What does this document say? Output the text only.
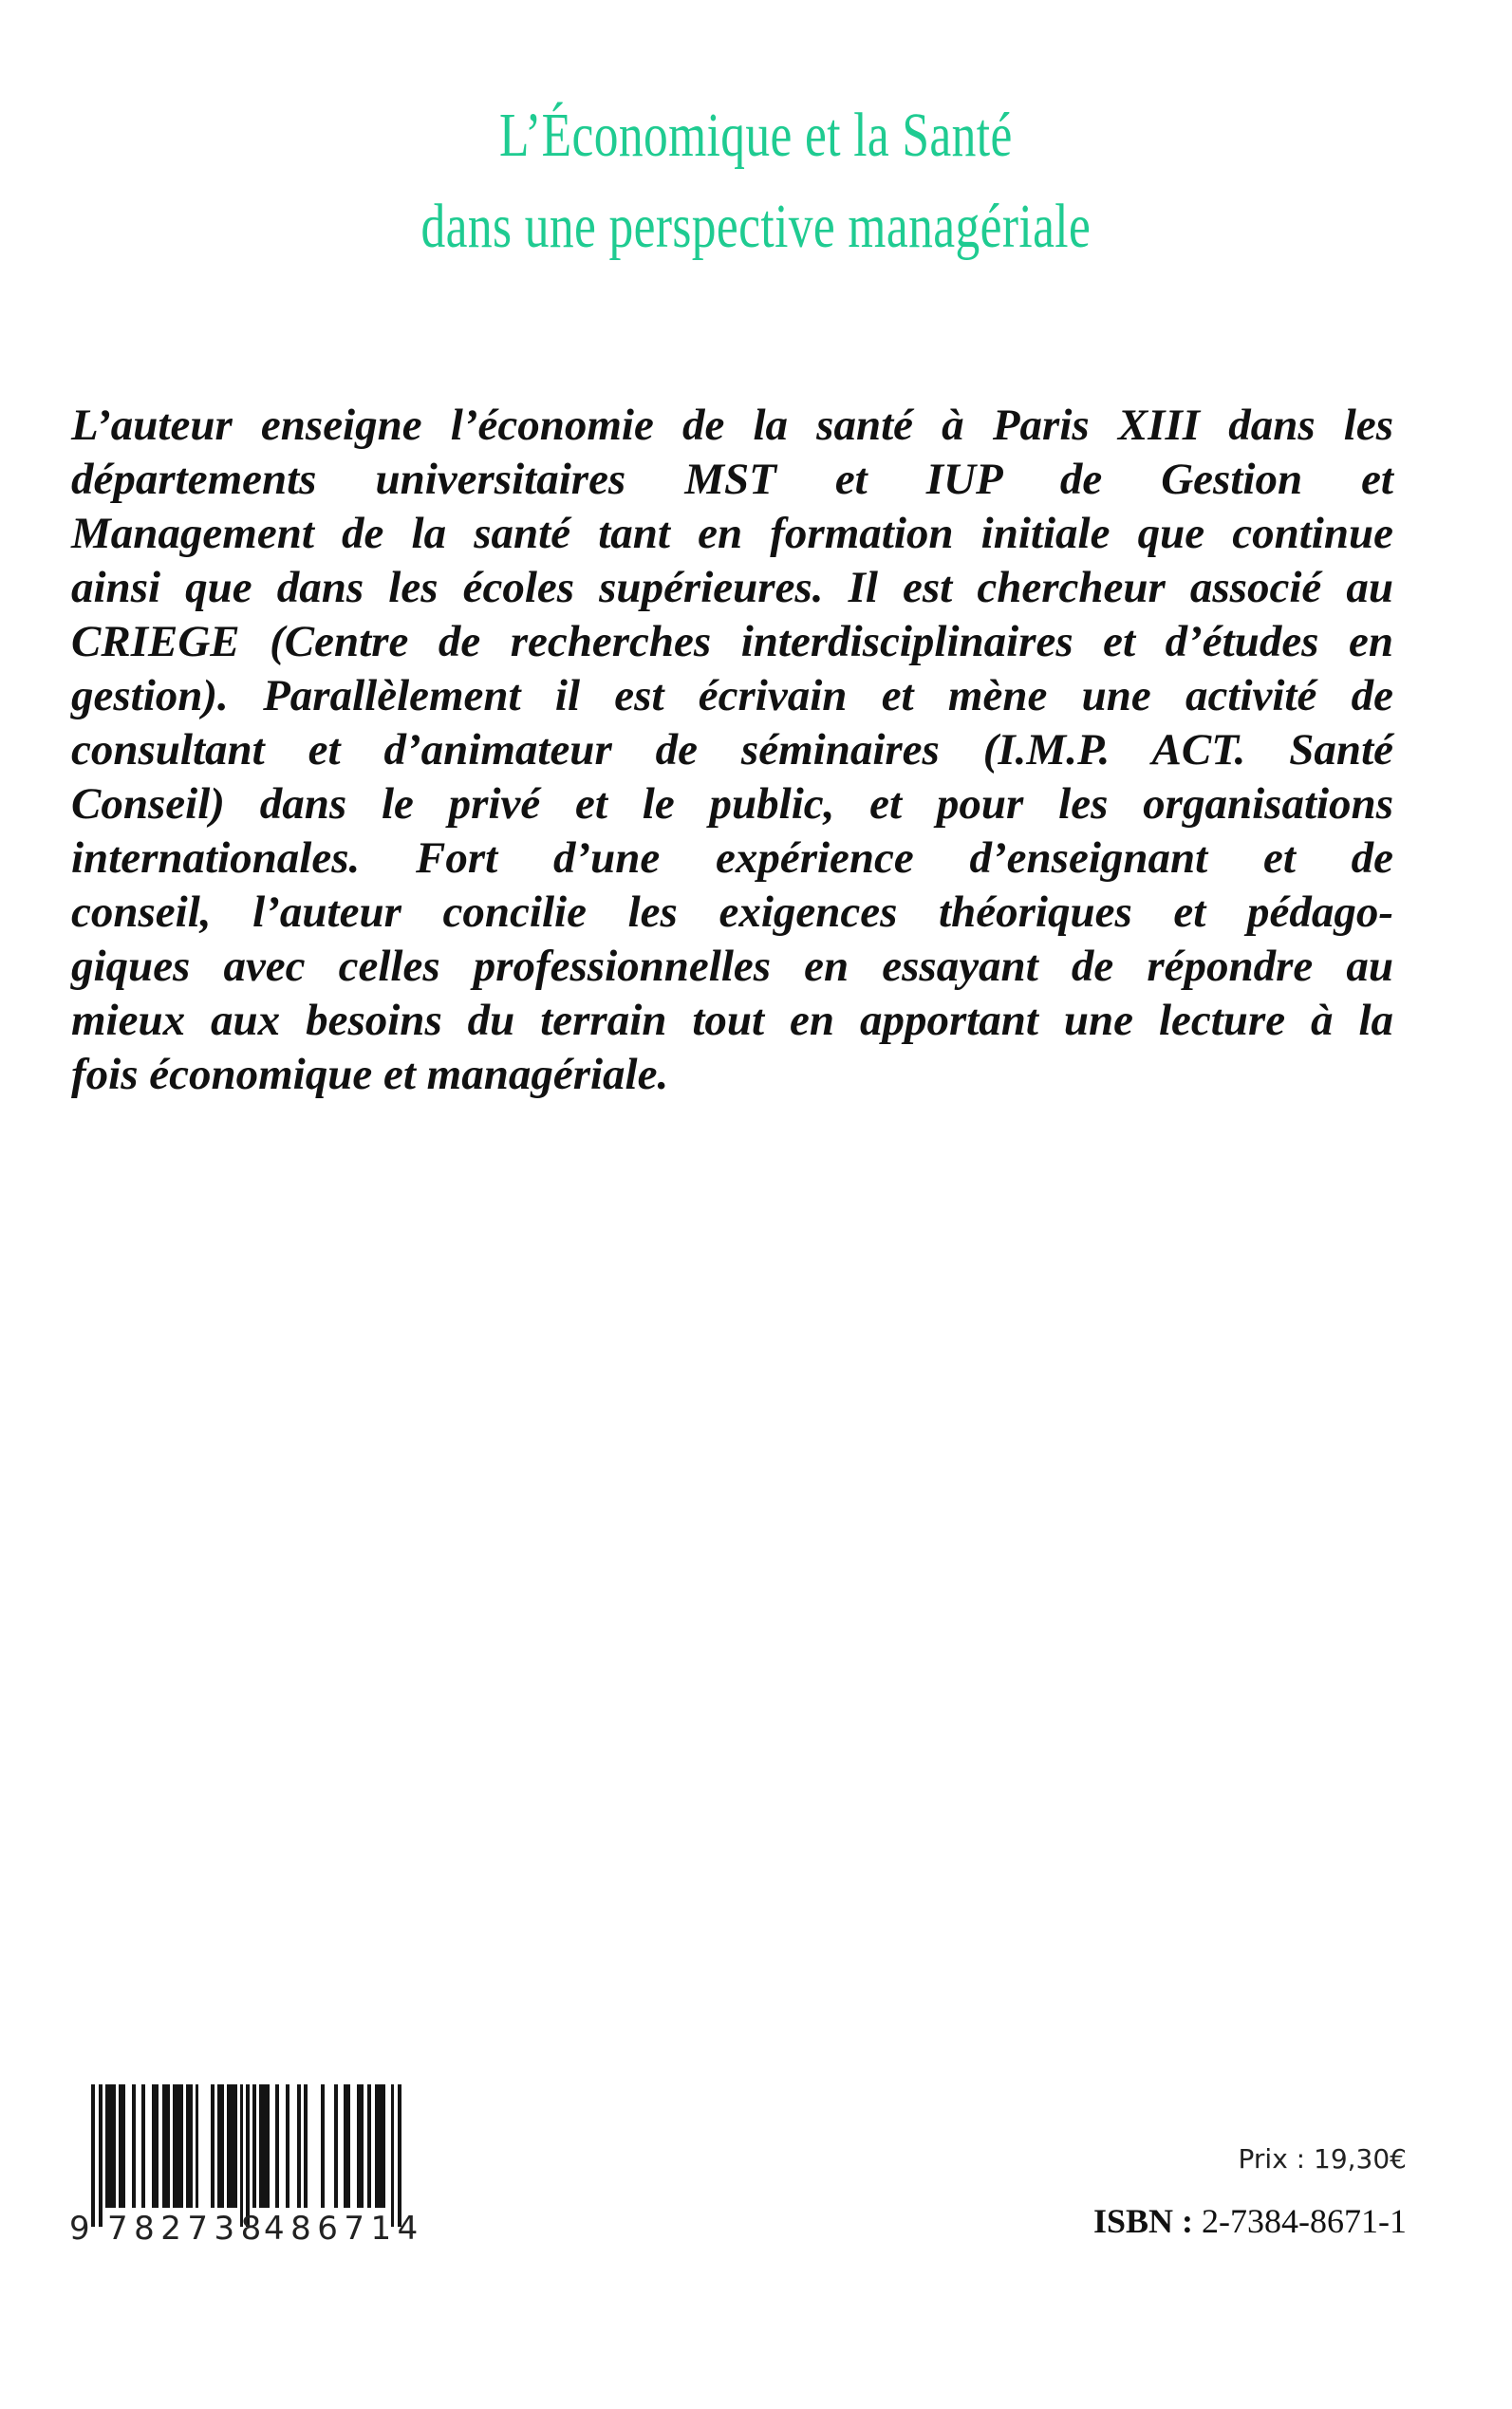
L’Économique et la Santé
dans une perspective managériale
L’auteur enseigne l’économie de la santé à Paris XIII dans les
départements universitaires MST et IUP de Gestion et
Management de la santé tant en formation initiale que continue
ainsi que dans les écoles supérieures. Il est chercheur associé au
CRIEGE (Centre de recherches interdisciplinaires et d’études en
gestion). Parallèlement il est écrivain et mène une activité de
consultant et d’animateur de séminaires (I.M.P. ACT. Santé
Conseil) dans le privé et le public, et pour les organisations
internationales. Fort d’une expérience d’enseignant et de
conseil, l’auteur concilie les exigences théoriques et pédago-
giques avec celles professionnelles en essayant de répondre au
mieux aux besoins du terrain tout en apportant une lecture à la
fois économique et managériale.
9 782738
486714
Prix : 19,30€
ISBN : 2-7384-8671-1
